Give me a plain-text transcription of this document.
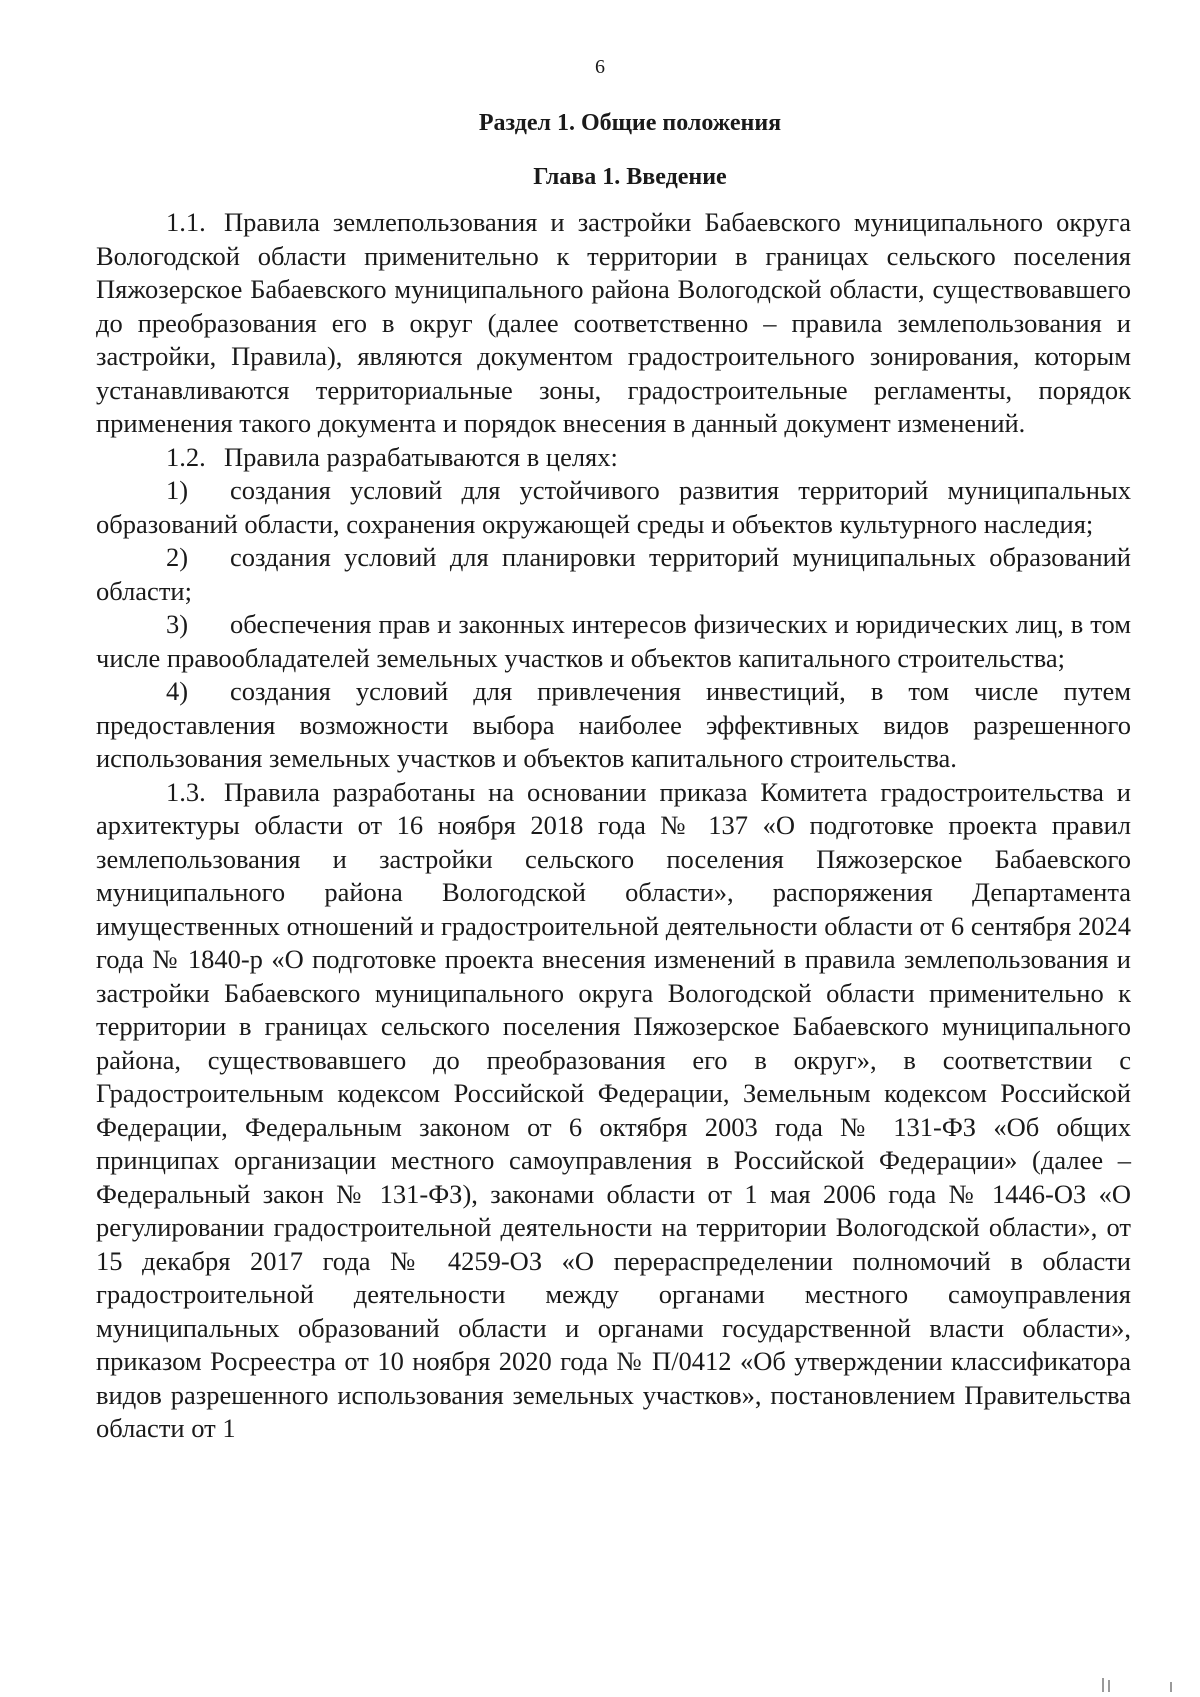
6
Раздел 1. Общие положения
Глава 1. Введение

1.1. Правила землепользования и застройки Бабаевского муниципального округа Вологодской области применительно к территории в границах сельского поселения Пяжозерское Бабаевского муниципального района Вологодской области, существовавшего до преобразования его в округ (далее соответственно – правила землепользования и застройки, Правила), являются документом градостроительного зонирования, которым устанавливаются территориальные зоны, градостроительные регламенты, порядок применения такого документа и порядок внесения в данный документ изменений.

1.2. Правила разрабатываются в целях:

1) создания условий для устойчивого развития территорий муниципальных образований области, сохранения окружающей среды и объектов культурного наследия;

2) создания условий для планировки территорий муниципальных образований области;

3) обеспечения прав и законных интересов физических и юридических лиц, в том числе правообладателей земельных участков и объектов капитального строительства;

4) создания условий для привлечения инвестиций, в том числе путем предоставления возможности выбора наиболее эффективных видов разрешенного использования земельных участков и объектов капитального строительства.

1.3. Правила разработаны на основании приказа Комитета градостроительства и архитектуры области от 16 ноября 2018 года № 137 «О подготовке проекта правил землепользования и застройки сельского поселения Пяжозерское Бабаевского муниципального района Вологодской области», распоряжения Департамента имущественных отношений и градостроительной деятельности области от 6 сентября 2024 года № 1840-р «О подготовке проекта внесения изменений в правила землепользования и застройки Бабаевского муниципального округа Вологодской области применительно к территории в границах сельского поселения Пяжозерское Бабаевского муниципального района, существовавшего до преобразования его в округ», в соответствии с Градостроительным кодексом Российской Федерации, Земельным кодексом Российской Федерации, Федеральным законом от 6 октября 2003 года № 131-ФЗ «Об общих принципах организации местного самоуправления в Российской Федерации» (далее – Федеральный закон № 131-ФЗ), законами области от 1 мая 2006 года № 1446-ОЗ «О регулировании градостроительной деятельности на территории Вологодской области», от 15 декабря 2017 года № 4259-ОЗ «О перераспределении полномочий в области градостроительной деятельности между органами местного самоуправления муниципальных образований области и органами государственной власти области», приказом Росреестра от 10 ноября 2020 года № П/0412 «Об утверждении классификатора видов разрешенного использования земельных участков», постановлением Правительства области от 1
